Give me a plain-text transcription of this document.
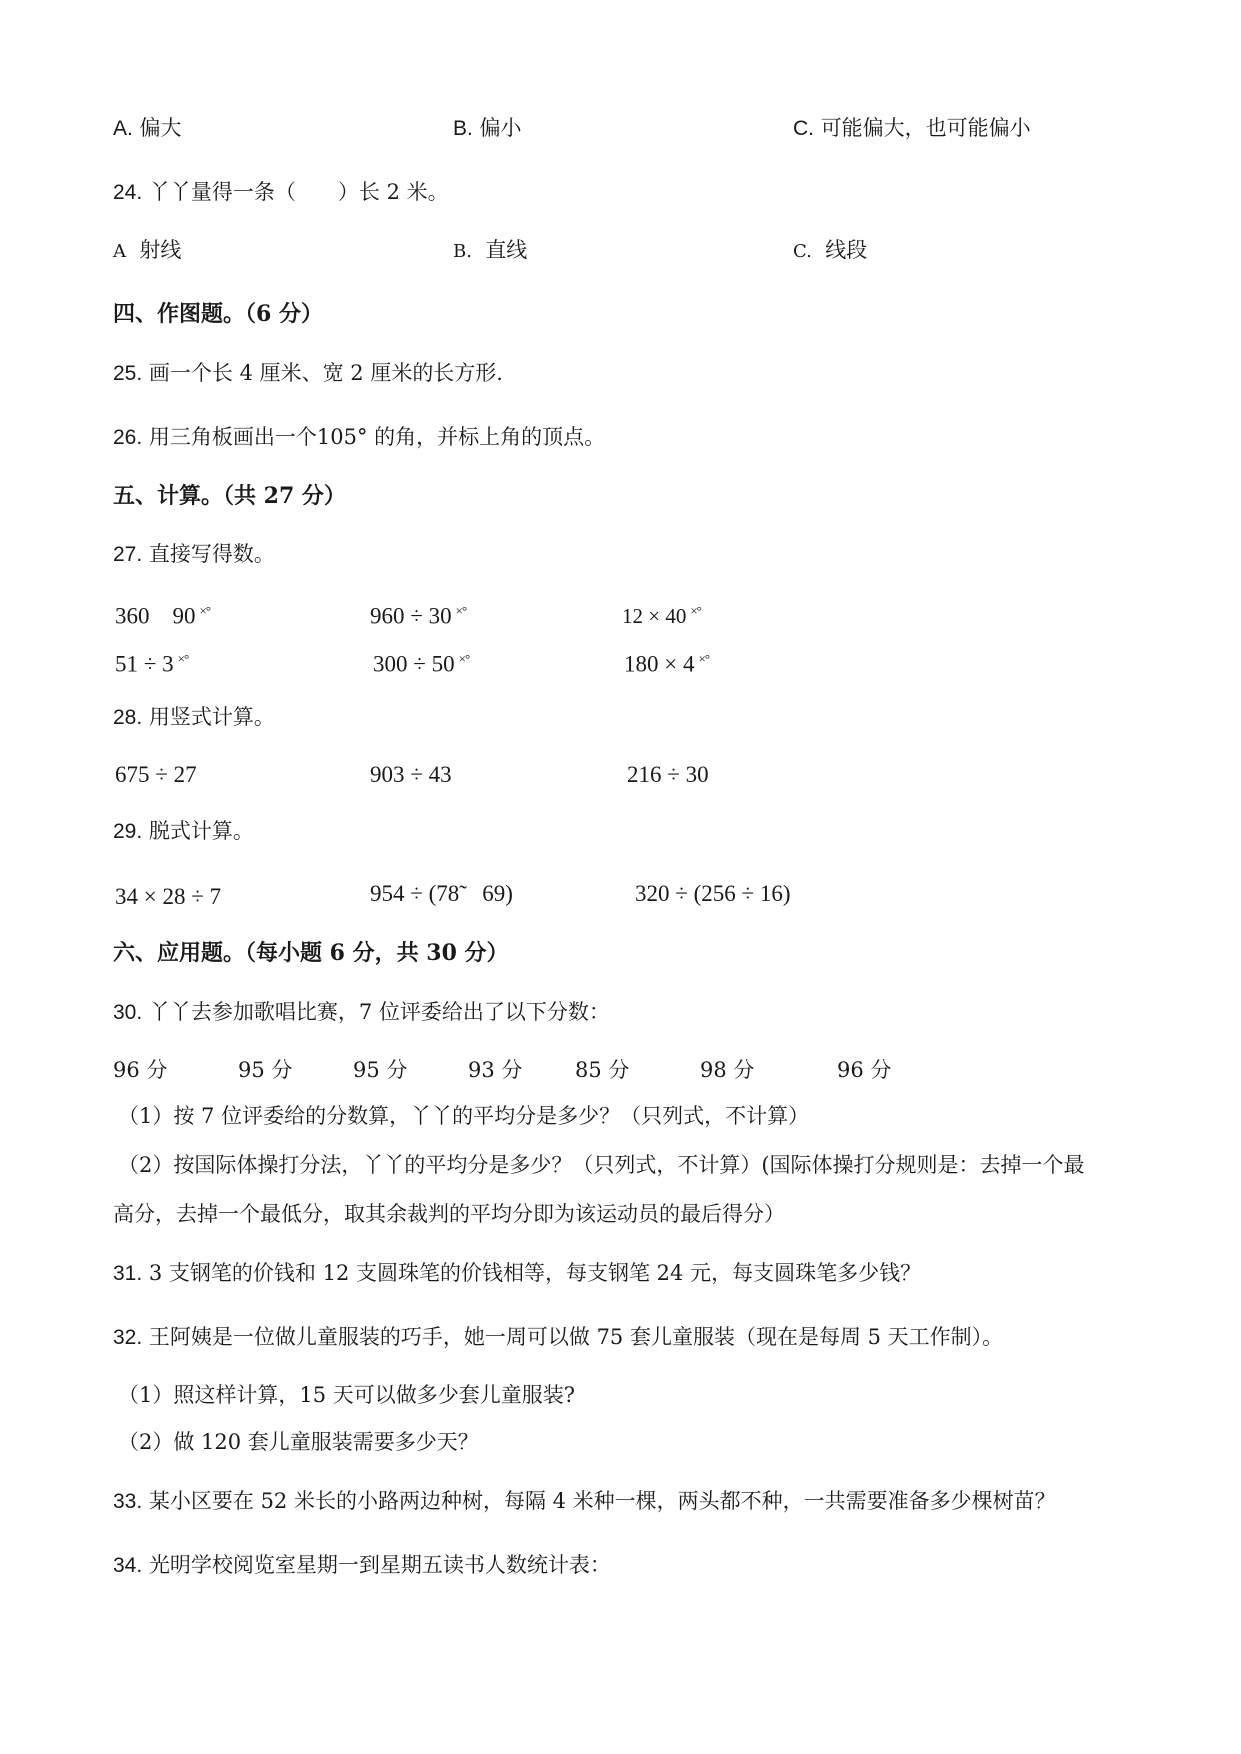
A. 偏大	B. 偏小	C. 可能偏大，也可能偏小
24. 丫丫量得一条（　　）长 2 米。
A 射线	B. 直线	C. 线段
四、作图题。（6 分）
25. 画一个长 4 厘米、宽 2 厘米的长方形.
26. 用三角板画出一个105° 的角，并标上角的顶点。
五、计算。（共 27 分）
27. 直接写得数。
360　90 ×°	960 ÷ 30 ×°	12 × 40 ×°
51 ÷ 3 ×°	300 ÷ 50 ×°	180 × 4 ×°
28. 用竖式计算。
675 ÷ 27	903 ÷ 43	216 ÷ 30
29. 脱式计算。
34 × 28 ÷ 7	954 ÷ (78̃　69)	320 ÷ (256 ÷ 16)
六、应用题。（每小题 6 分，共 30 分）
30. 丫丫去参加歌唱比赛，7 位评委给出了以下分数：
96 分	95 分	95 分	93 分	85 分	98 分	96 分
（1）按 7 位评委给的分数算，丫丫的平均分是多少？（只列式，不计算）
（2）按国际体操打分法，丫丫的平均分是多少？（只列式，不计算）(国际体操打分规则是：去掉一个最
高分，去掉一个最低分，取其余裁判的平均分即为该运动员的最后得分）
31. 3 支钢笔的价钱和 12 支圆珠笔的价钱相等，每支钢笔 24 元，每支圆珠笔多少钱？
32. 王阿姨是一位做儿童服装的巧手，她一周可以做 75 套儿童服装（现在是每周 5 天工作制）。
（1）照这样计算，15 天可以做多少套儿童服装?
（2）做 120 套儿童服装需要多少天？
33. 某小区要在 52 米长的小路两边种树，每隔 4 米种一棵，两头都不种，一共需要准备多少棵树苗？
34. 光明学校阅览室星期一到星期五读书人数统计表：
